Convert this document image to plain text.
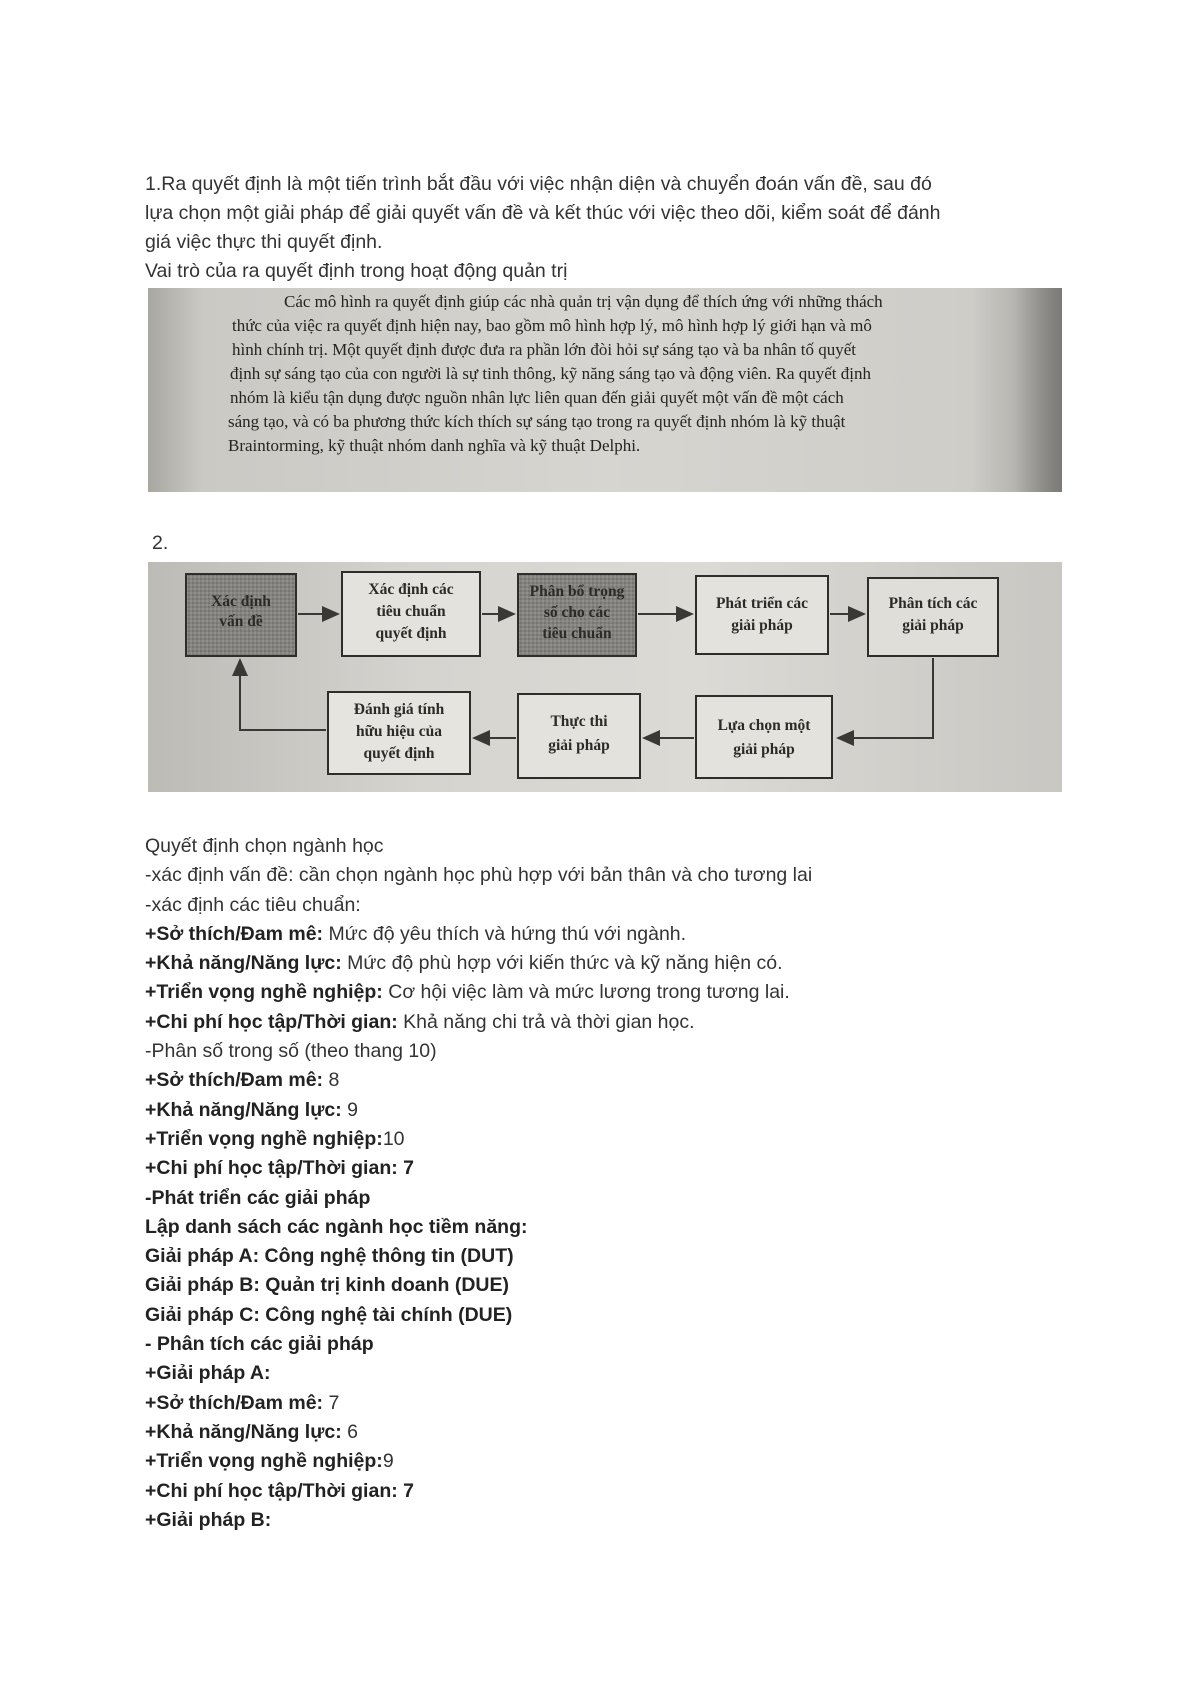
1.Ra quyết định là một tiến trình bắt đầu với việc nhận diện và chuyển đoán vấn đề, sau đó

lựa chọn một giải pháp để giải quyết vấn đề và kết thúc với việc theo dõi, kiểm soát để đánh

giá việc thực thi quyết định.

Vai trò của ra quyết định trong hoạt động quản trị

Các mô hình ra quyết định giúp các nhà quản trị vận dụng để thích ứng với những thách
thức của việc ra quyết định hiện nay, bao gồm mô hình hợp lý, mô hình hợp lý giới hạn và mô
hình chính trị. Một quyết định được đưa ra phần lớn đòi hỏi sự sáng tạo và ba nhân tố quyết
định sự sáng tạo của con người là sự tinh thông, kỹ năng sáng tạo và động viên. Ra quyết định
nhóm là kiểu tận dụng được nguồn nhân lực liên quan đến giải quyết một vấn đề một cách
sáng tạo, và có ba phương thức kích thích sự sáng tạo trong ra quyết định nhóm là kỹ thuật
Braintorming, kỹ thuật nhóm danh nghĩa và kỹ thuật Delphi.
2.
Xác định
vấn đề
Xác định các
tiêu chuẩn
quyết định
Phân bổ trọng
số cho các
tiêu chuẩn
Phát triển các
giải pháp
Phân tích các
giải pháp
Lựa chọn một
giải pháp
Thực thi
giải pháp
Đánh giá tính
hữu hiệu của
quyết định
Quyết định chọn ngành học
-xác định vấn đề: cần chọn ngành học phù hợp với bản thân và cho tương lai
-xác định các tiêu chuẩn:
+Sở thích/Đam mê: Mức độ yêu thích và hứng thú với ngành.
+Khả năng/Năng lực: Mức độ phù hợp với kiến thức và kỹ năng hiện có.
+Triển vọng nghề nghiệp: Cơ hội việc làm và mức lương trong tương lai.
+Chi phí học tập/Thời gian: Khả năng chi trả và thời gian học.
-Phân số trong số (theo thang 10)
+Sở thích/Đam mê: 8
+Khả năng/Năng lực: 9
+Triển vọng nghề nghiệp:10
+Chi phí học tập/Thời gian: 7
-Phát triển các giải pháp
Lập danh sách các ngành học tiềm năng:
Giải pháp A: Công nghệ thông tin (DUT)
Giải pháp B: Quản trị kinh doanh (DUE)
Giải pháp C: Công nghệ tài chính (DUE)
- Phân tích các giải pháp
+Giải pháp A:
+Sở thích/Đam mê: 7
+Khả năng/Năng lực: 6
+Triển vọng nghề nghiệp:9
+Chi phí học tập/Thời gian: 7
+Giải pháp B:
